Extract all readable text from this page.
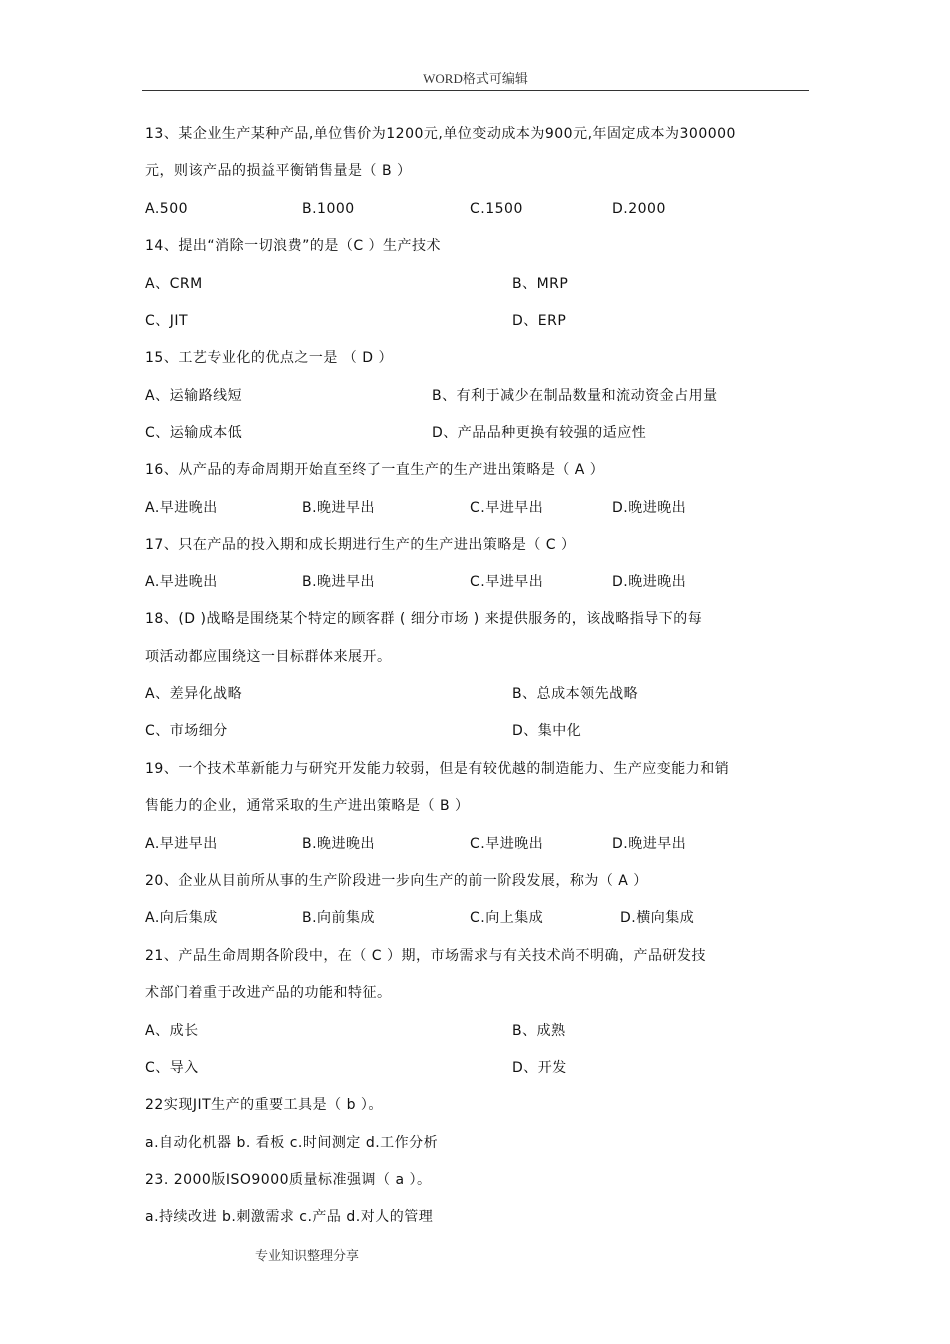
WORD格式可编辑
13、某企业生产某种产品,单位售价为1200元,单位变动成本为900元,年固定成本为300000
元，则该产品的损益平衡销售量是（ B ）
A.500	B.1000	C.1500	D.2000
14、提出“消除一切浪费”的是（C ）生产技术
A、CRM	B、MRP
C、JIT	D、ERP
15、工艺专业化的优点之一是 （ D ）
A、运输路线短	B、有利于减少在制品数量和流动资金占用量
C、运输成本低	D、产品品种更换有较强的适应性
16、从产品的寿命周期开始直至终了一直生产的生产进出策略是（ A ）
A.早进晚出	B.晚进早出	C.早进早出	D.晚进晚出
17、只在产品的投入期和成长期进行生产的生产进出策略是（ C ）
A.早进晚出	B.晚进早出	C.早进早出	D.晚进晚出
18、(D )战略是围绕某个特定的顾客群 ( 细分市场 ) 来提供服务的，该战略指导下的每
项活动都应围绕这一目标群体来展开。
A、差异化战略	B、总成本领先战略
C、市场细分	D、集中化
19、一个技术革新能力与研究开发能力较弱，但是有较优越的制造能力、生产应变能力和销
售能力的企业，通常采取的生产进出策略是（ B ）
A.早进早出	B.晚进晚出	C.早进晚出	D.晚进早出
20、企业从目前所从事的生产阶段进一步向生产的前一阶段发展，称为（ A ）
A.向后集成	B.向前集成	C.向上集成	D.横向集成
21、产品生命周期各阶段中，在（ C ）期，市场需求与有关技术尚不明确，产品研发技
术部门着重于改进产品的功能和特征。
A、成长	B、成熟
C、导入	D、开发
22实现JIT生产的重要工具是（ b ）。
a.自动化机器 b. 看板 c.时间测定 d.工作分析
23. 2000版ISO9000质量标准强调（ a ）。
a.持续改进 b.刺激需求 c.产品 d.对人的管理
专业知识整理分享
